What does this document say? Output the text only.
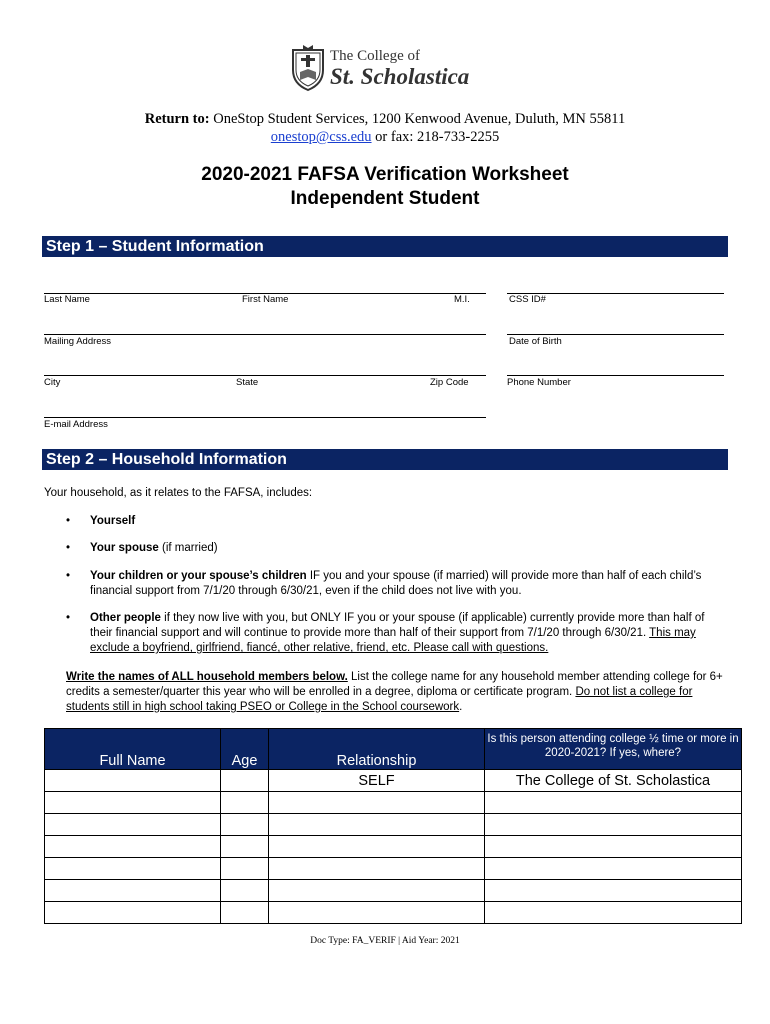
The College of
St. Scholastica
Return to: OneStop Student Services, 1200 Kenwood Avenue, Duluth, MN 55811
onestop@css.edu or fax: 218-733-2255
2020-2021 FAFSA Verification Worksheet
Independent Student
Step 1 – Student Information
Last Name	First Name	M.I.	CSS ID#
Mailing Address	Date of Birth
City	State	Zip Code	Phone Number
E-mail Address
Step 2 – Household Information
Your household, as it relates to the FAFSA, includes:
• Yourself
• Your spouse (if married)
• Your children or your spouse’s children IF you and your spouse (if married) will provide more than half of each child’s financial support from 7/1/20 through 6/30/21, even if the child does not live with you.
• Other people if they now live with you, but ONLY IF you or your spouse (if applicable) currently provide more than half of their financial support and will continue to provide more than half of their support from 7/1/20 through 6/30/21. This may exclude a boyfriend, girlfriend, fiancé, other relative, friend, etc. Please call with questions.
Write the names of ALL household members below. List the college name for any household member attending college for 6+ credits a semester/quarter this year who will be enrolled in a degree, diploma or certificate program. Do not list a college for students still in high school taking PSEO or College in the School coursework.
Full Name	Age	Relationship	Is this person attending college ½ time or more in 2020-2021? If yes, where?
		SELF	The College of St. Scholastica

Doc Type: FA_VERIF | Aid Year: 2021
